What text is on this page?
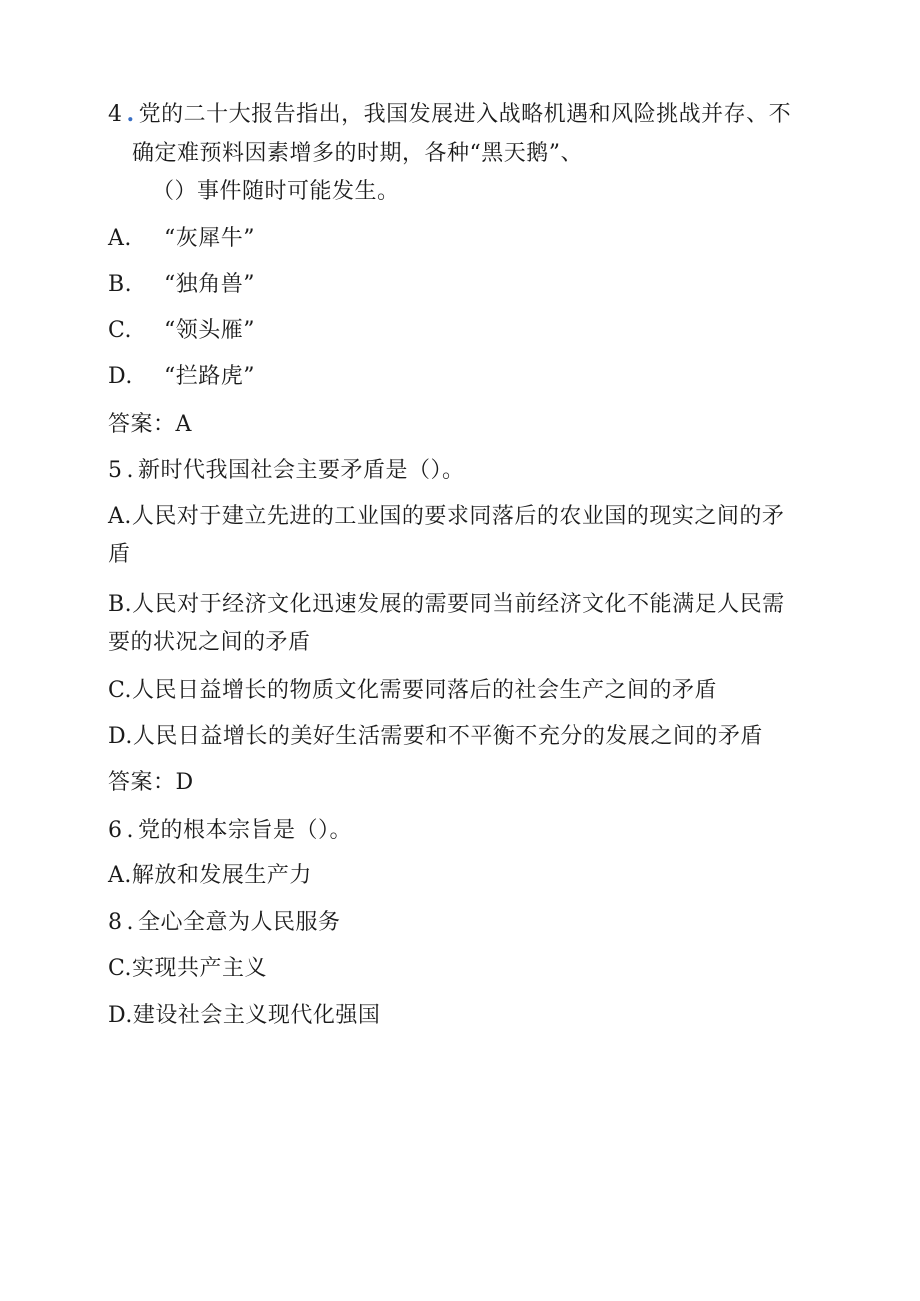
4 . 党的二十大报告指出，我国发展进入战略机遇和风险挑战并存、不
确定难预料因素增多的时期，各种“黑天鹅”、
（）事件随时可能发生。
A. “灰犀牛”
B. “独角兽”
C. “领头雁”
D. “拦路虎”
答案：A
5 . 新时代我国社会主要矛盾是（）。
A.人民对于建立先进的工业国的要求同落后的农业国的现实之间的矛
盾
B.人民对于经济文化迅速发展的需要同当前经济文化不能满足人民需
要的状况之间的矛盾
C.人民日益增长的物质文化需要同落后的社会生产之间的矛盾
D.人民日益增长的美好生活需要和不平衡不充分的发展之间的矛盾
答案：D
6 . 党的根本宗旨是（）。
A.解放和发展生产力
8 . 全心全意为人民服务
C.实现共产主义
D.建设社会主义现代化强国
